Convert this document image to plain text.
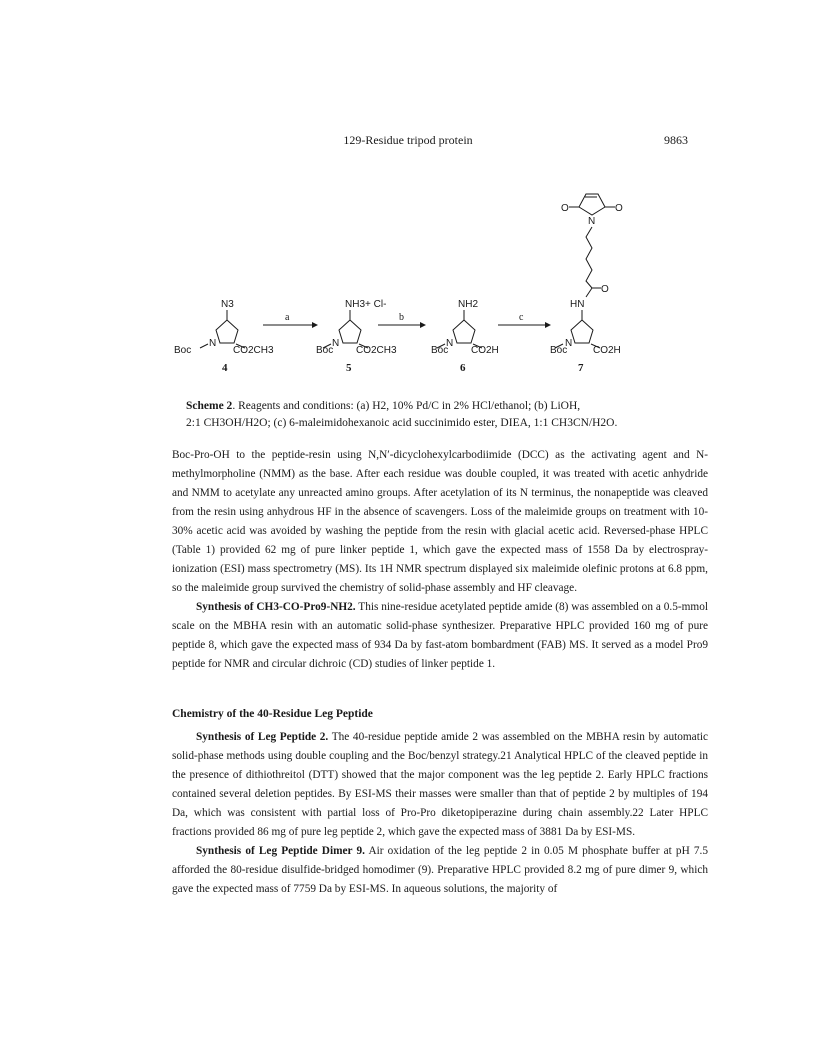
129-Residue tripod protein	9863
N3
N
Boc	CO2CH3
4
a
NH3+ Cl-
N
Boc CO2CH3
5
b
NH2
N
Boc CO2H
6
c
O	O
N
O
HN
N
Boc	CO2H
7
Scheme 2. Reagents and conditions: (a) H2, 10% Pd/C in 2% HCl/ethanol; (b) LiOH,
2:1 CH3OH/H2O; (c) 6-maleimidohexanoic acid succinimido ester, DIEA, 1:1 CH3CN/H2O.

Boc-Pro-OH to the peptide-resin using N,N′-dicyclohexylcarbodiimide (DCC) as the activating agent and N-methylmorpholine (NMM) as the base. After each residue was double coupled, it was treated with acetic anhydride and NMM to acetylate any unreacted amino groups. After acetylation of its N terminus, the nonapeptide was cleaved from the resin using anhydrous HF in the absence of scavengers. Loss of the maleimide groups on treatment with 10-30% acetic acid was avoided by washing the peptide from the resin with glacial acetic acid. Reversed-phase HPLC (Table 1) provided 62 mg of pure linker peptide 1, which gave the expected mass of 1558 Da by electrospray-ionization (ESI) mass spectrometry (MS). Its 1H NMR spectrum displayed six maleimide olefinic protons at 6.8 ppm, so the maleimide group survived the chemistry of solid-phase assembly and HF cleavage.

Synthesis of CH3-CO-Pro9-NH2. This nine-residue acetylated peptide amide (8) was assembled on a 0.5-mmol scale on the MBHA resin with an automatic solid-phase synthesizer. Preparative HPLC provided 160 mg of pure peptide 8, which gave the expected mass of 934 Da by fast-atom bombardment (FAB) MS. It served as a model Pro9 peptide for NMR and circular dichroic (CD) studies of linker peptide 1.

Chemistry of the 40-Residue Leg Peptide

Synthesis of Leg Peptide 2. The 40-residue peptide amide 2 was assembled on the MBHA resin by automatic solid-phase methods using double coupling and the Boc/benzyl strategy.21 Analytical HPLC of the cleaved peptide in the presence of dithiothreitol (DTT) showed that the major component was the leg peptide 2. Early HPLC fractions contained several deletion peptides. By ESI-MS their masses were smaller than that of peptide 2 by multiples of 194 Da, which was consistent with partial loss of Pro-Pro diketopiperazine during chain assembly.22 Later HPLC fractions provided 86 mg of pure leg peptide 2, which gave the expected mass of 3881 Da by ESI-MS.

Synthesis of Leg Peptide Dimer 9. Air oxidation of the leg peptide 2 in 0.05 M phosphate buffer at pH 7.5 afforded the 80-residue disulfide-bridged homodimer (9). Preparative HPLC provided 8.2 mg of pure dimer 9, which gave the expected mass of 7759 Da by ESI-MS. In aqueous solutions, the majority of
